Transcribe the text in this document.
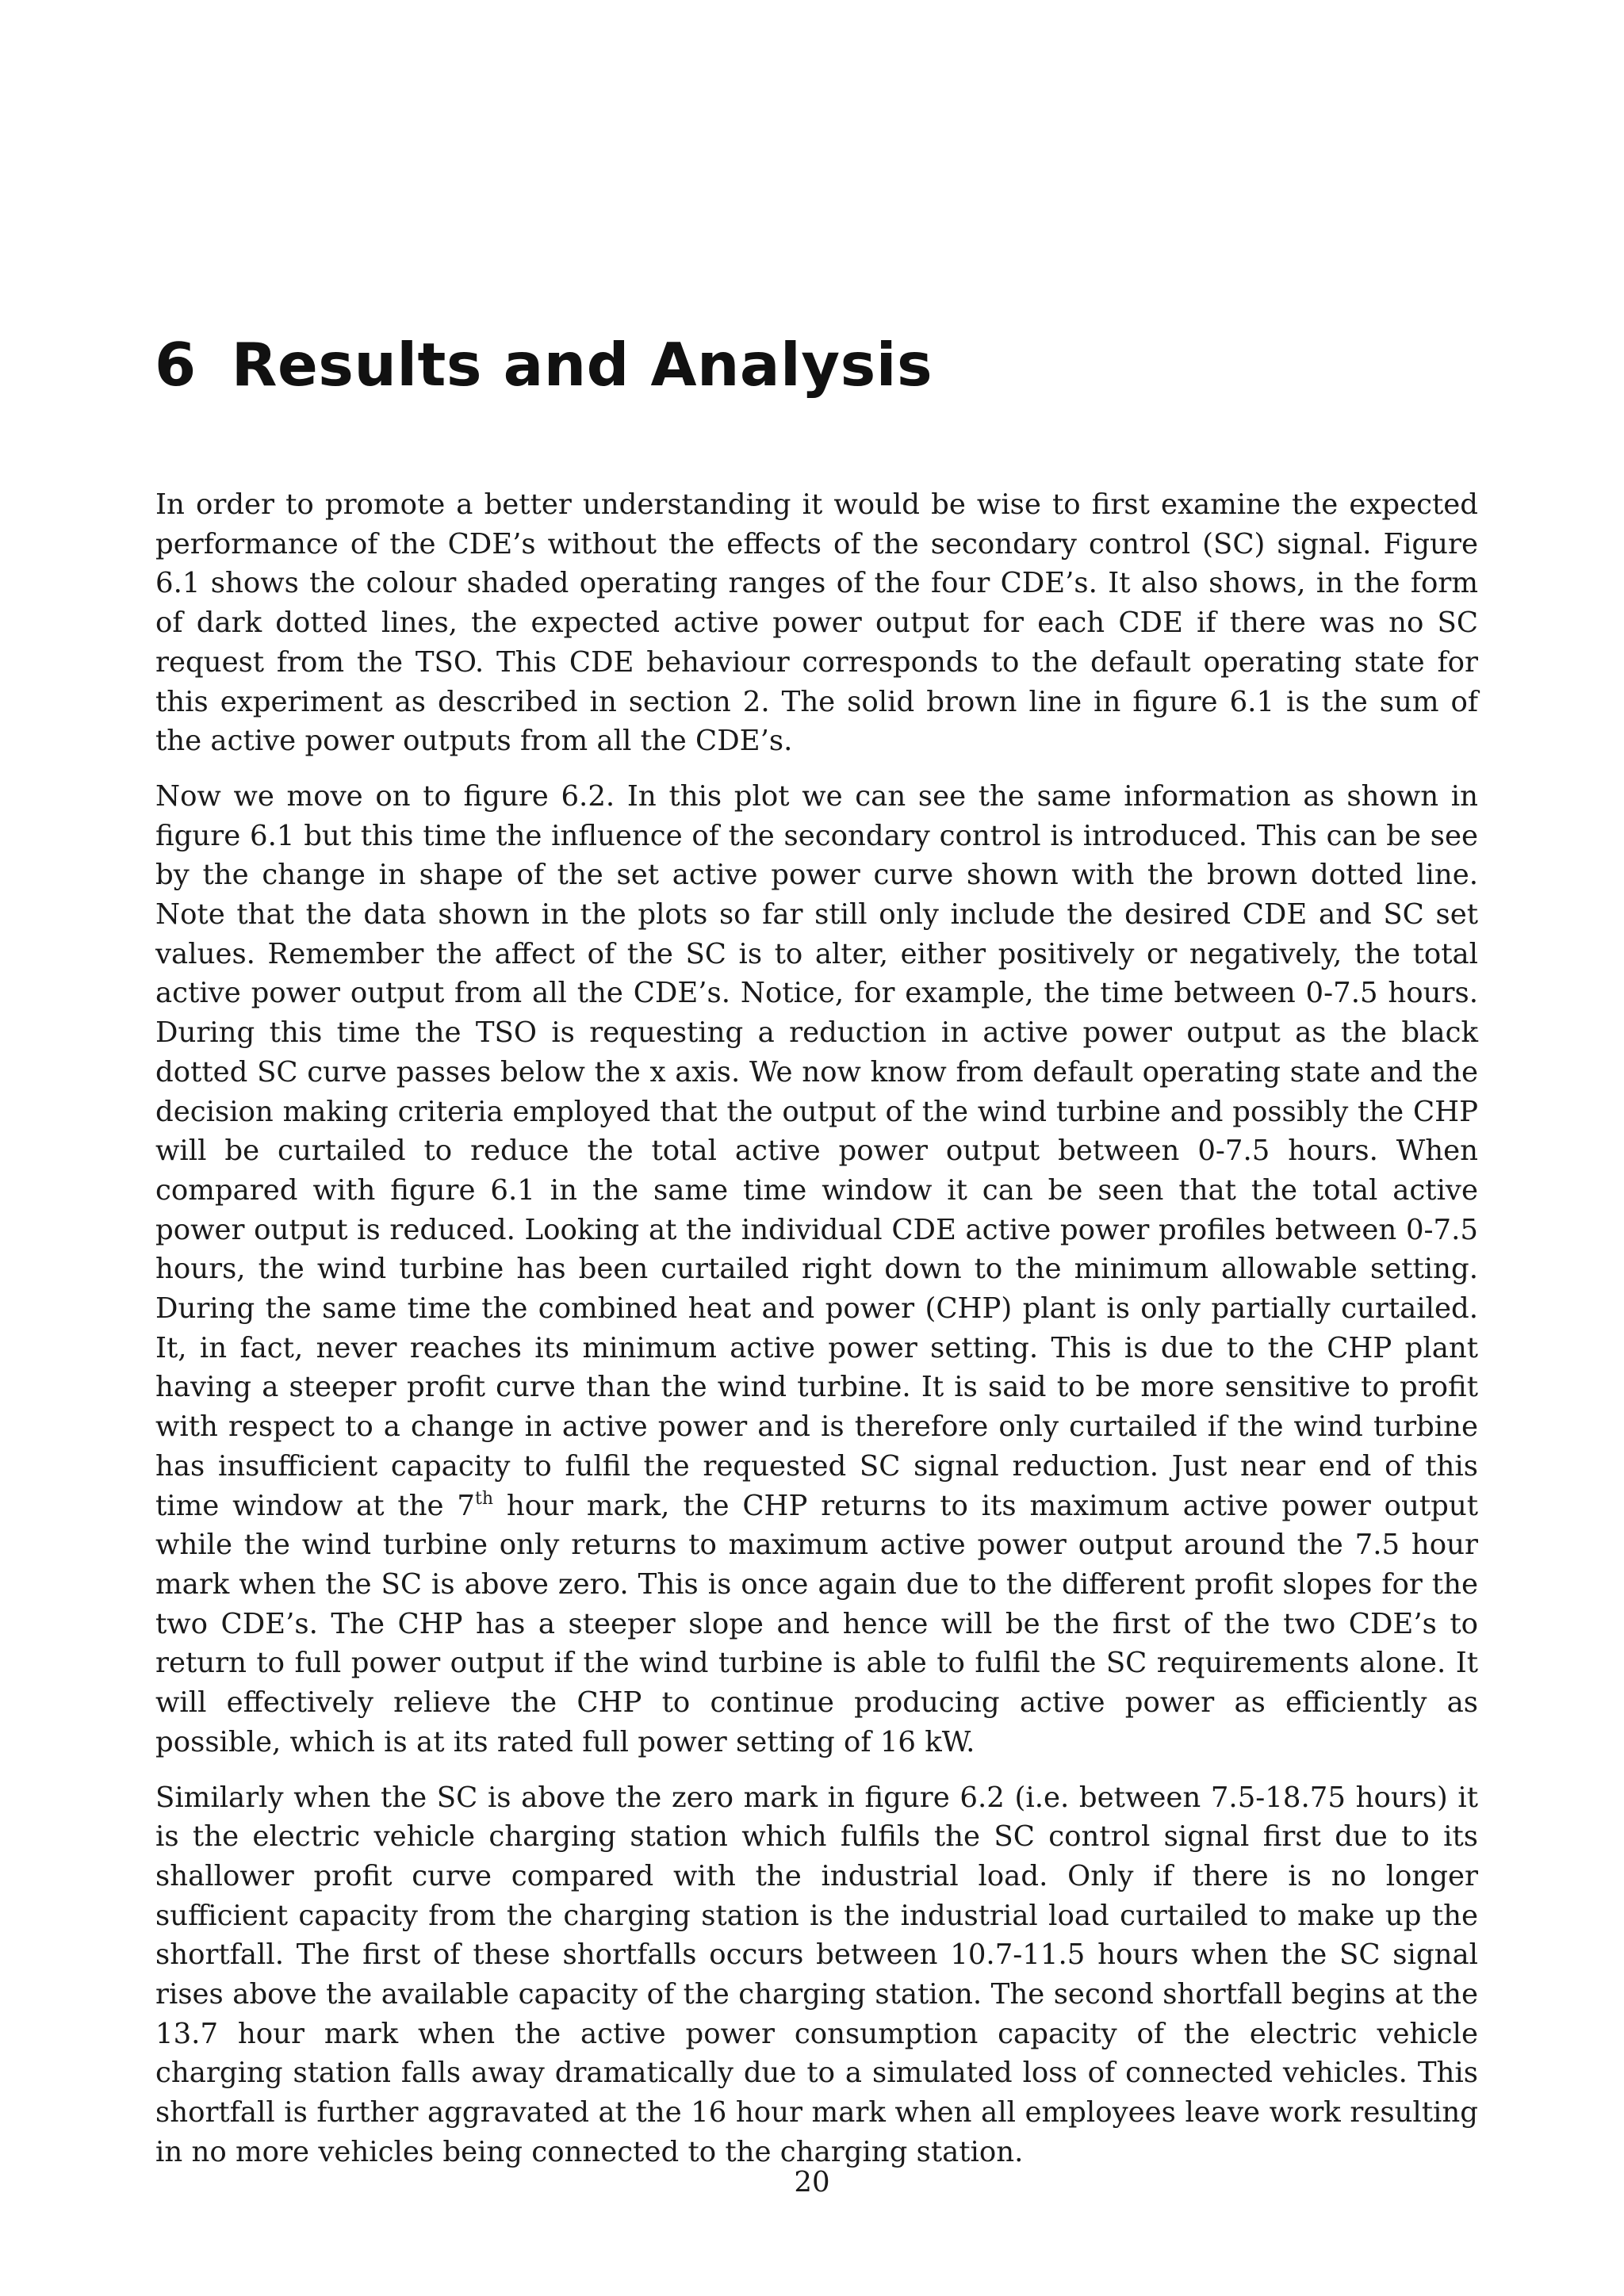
6 Results and Analysis

In order to promote a better understanding it would be wise to first examine the expected performance of the CDE’s without the effects of the secondary control (SC) signal. Figure 6.1 shows the colour shaded operating ranges of the four CDE’s. It also shows, in the form of dark dotted lines, the expected active power output for each CDE if there was no SC request from the TSO. This CDE behaviour corresponds to the default operating state for this experiment as described in section 2. The solid brown line in figure 6.1 is the sum of the active power outputs from all the CDE’s.

Now we move on to figure 6.2. In this plot we can see the same information as shown in figure 6.1 but this time the influence of the secondary control is introduced. This can be see by the change in shape of the set active power curve shown with the brown dotted line. Note that the data shown in the plots so far still only include the desired CDE and SC set values. Remember the affect of the SC is to alter, either positively or negatively, the total active power output from all the CDE’s. Notice, for example, the time between 0-7.5 hours. During this time the TSO is requesting a reduction in active power output as the black dotted SC curve passes below the x axis. We now know from default operating state and the decision making criteria employed that the output of the wind turbine and possibly the CHP will be curtailed to reduce the total active power output between 0-7.5 hours. When compared with figure 6.1 in the same time window it can be seen that the total active power output is reduced. Looking at the individual CDE active power profiles between 0-7.5 hours, the wind turbine has been curtailed right down to the minimum allowable setting. During the same time the combined heat and power (CHP) plant is only partially curtailed. It, in fact, never reaches its minimum active power setting. This is due to the CHP plant having a steeper profit curve than the wind turbine. It is said to be more sensitive to profit with respect to a change in active power and is therefore only curtailed if the wind turbine has insufficient capacity to fulfil the requested SC signal reduction. Just near end of this time window at the 7th hour mark, the CHP returns to its maximum active power output while the wind turbine only returns to maximum active power output around the 7.5 hour mark when the SC is above zero. This is once again due to the different profit slopes for the two CDE’s. The CHP has a steeper slope and hence will be the first of the two CDE’s to return to full power output if the wind turbine is able to fulfil the SC requirements alone. It will effectively relieve the CHP to continue producing active power as efficiently as possible, which is at its rated full power setting of 16 kW.

Similarly when the SC is above the zero mark in figure 6.2 (i.e. between 7.5-18.75 hours) it is the electric vehicle charging station which fulfils the SC control signal first due to its shallower profit curve compared with the industrial load. Only if there is no longer sufficient capacity from the charging station is the industrial load curtailed to make up the shortfall. The first of these shortfalls occurs between 10.7-11.5 hours when the SC signal rises above the available capacity of the charging station. The second shortfall begins at the 13.7 hour mark when the active power consumption capacity of the electric vehicle charging station falls away dramatically due to a simulated loss of connected vehicles. This shortfall is further aggravated at the 16 hour mark when all employees leave work resulting in no more vehicles being connected to the charging station.

20
